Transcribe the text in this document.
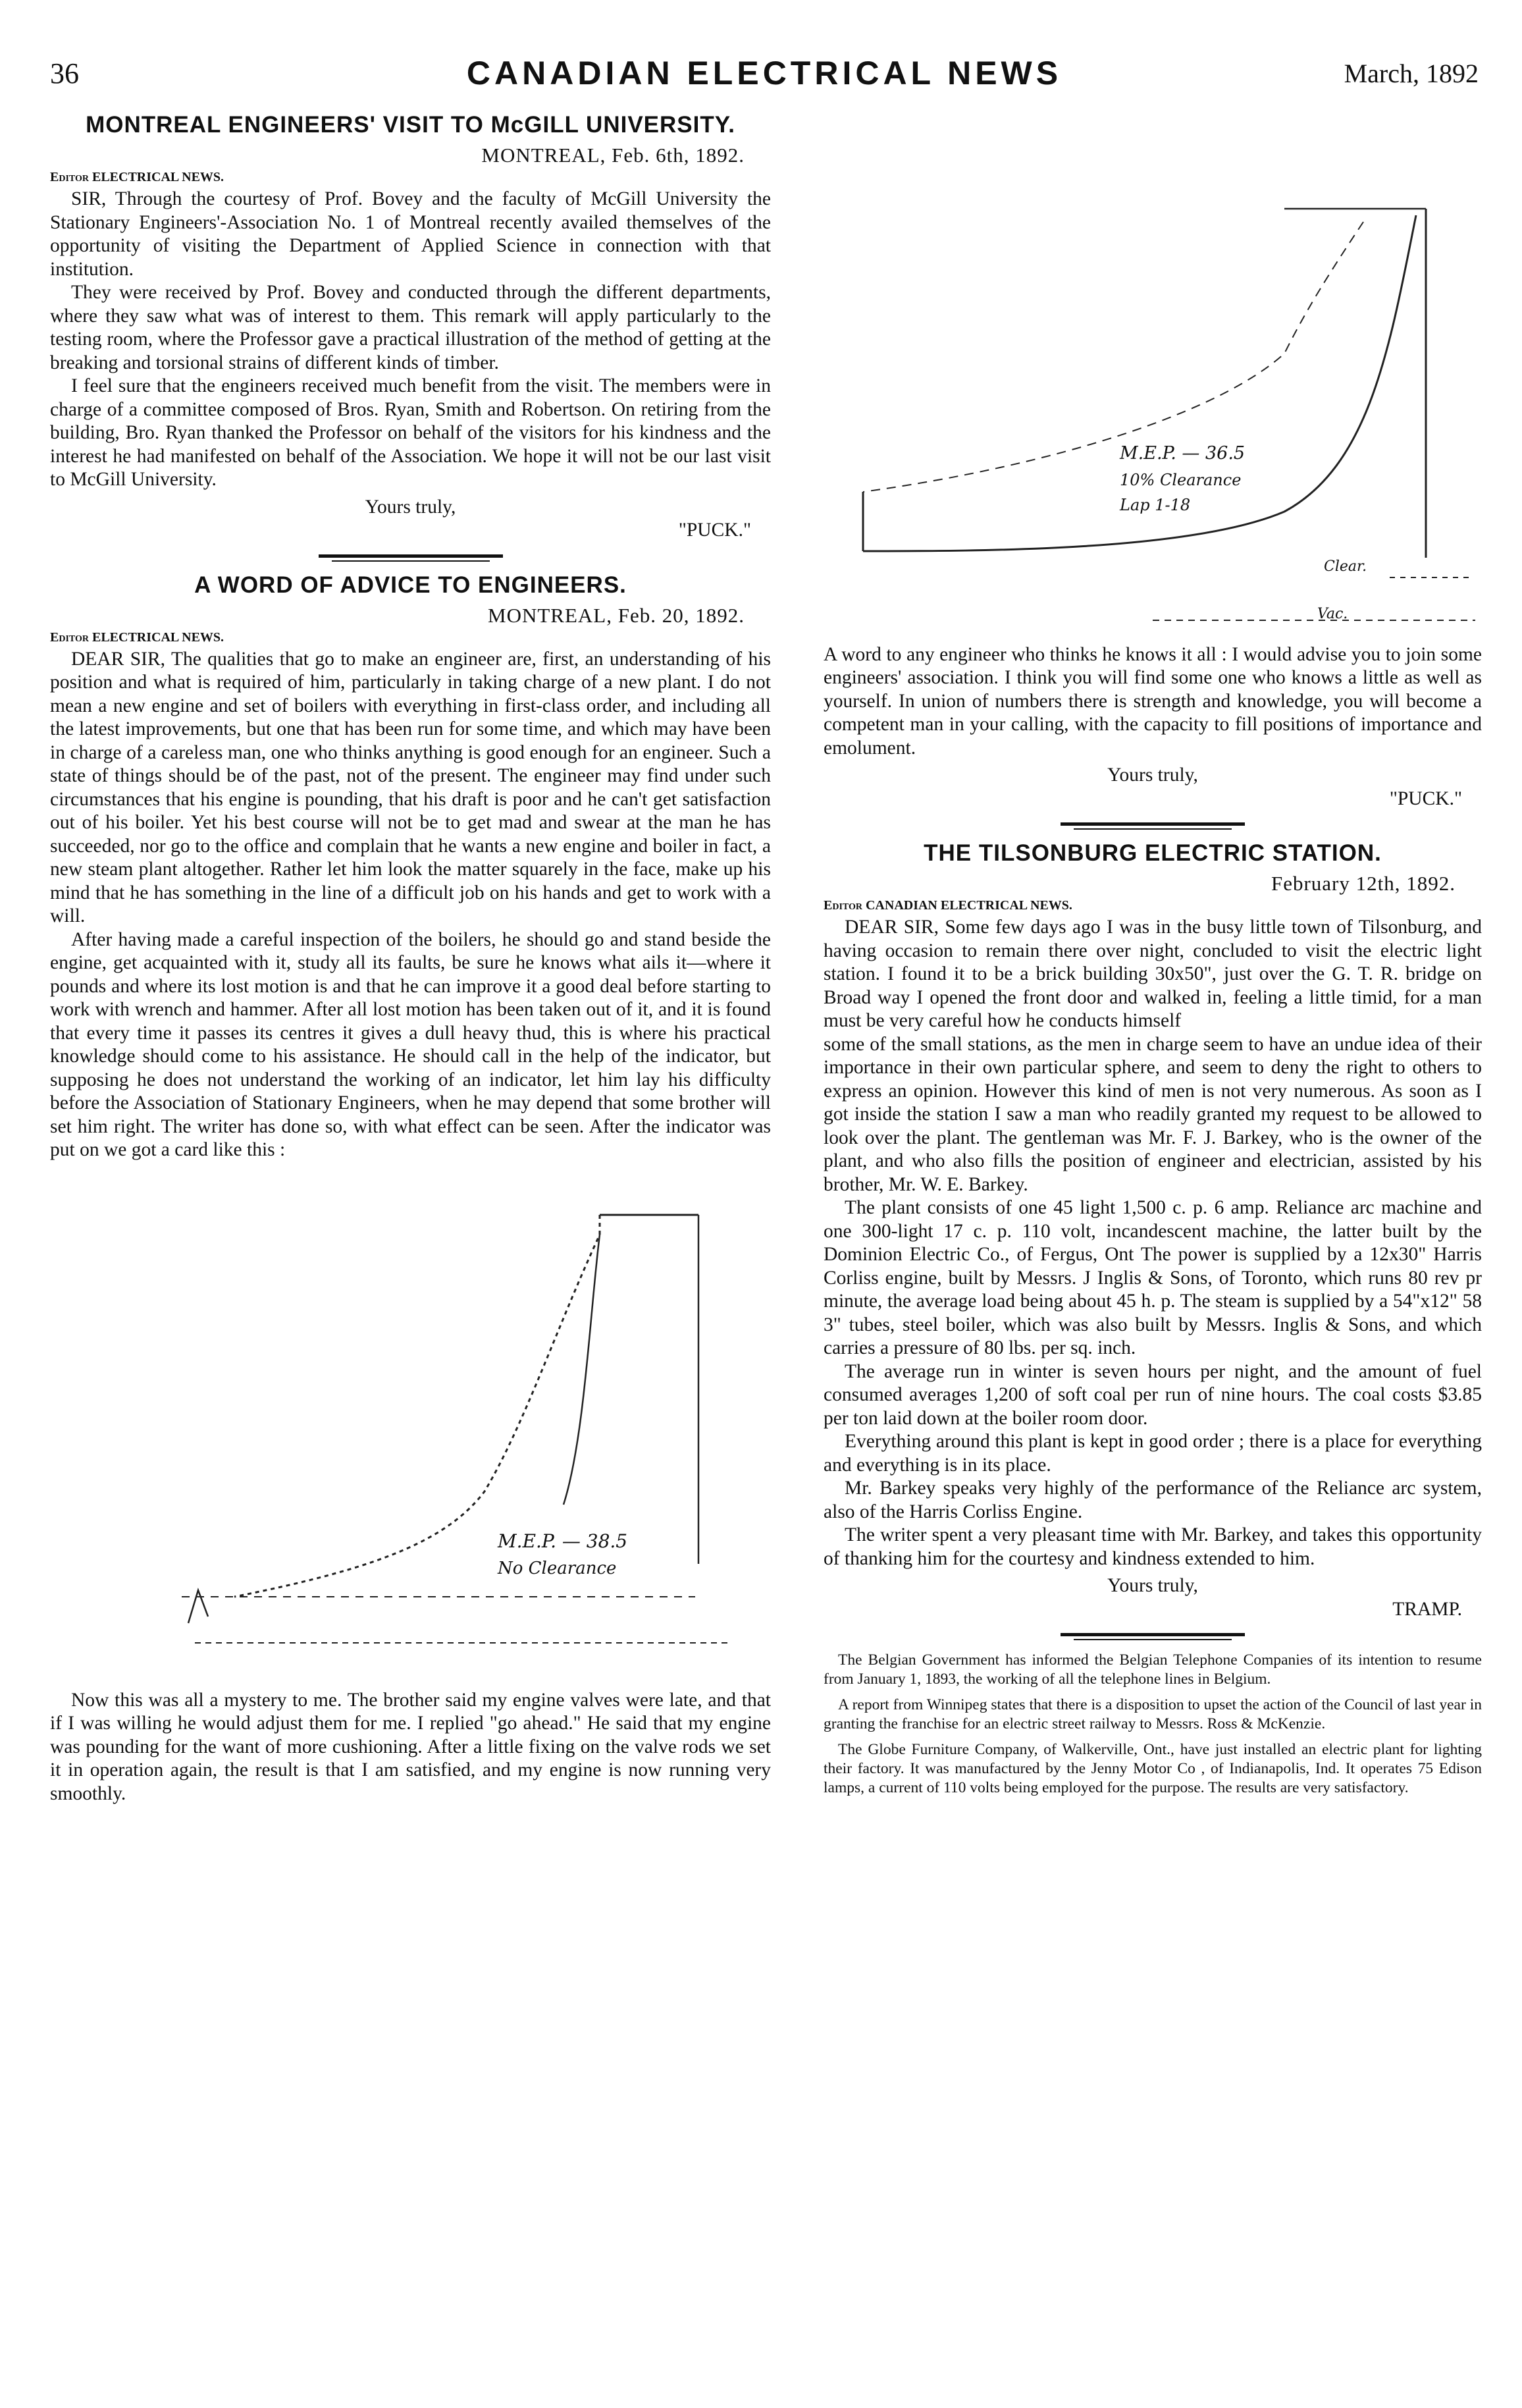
36	CANADIAN ELECTRICAL NEWS	March, 1892
MONTREAL ENGINEERS' VISIT TO McGILL UNIVERSITY.
MONTREAL, Feb. 6th, 1892.
Editor ELECTRICAL NEWS.

SIR, Through the courtesy of Prof. Bovey and the faculty of McGill University the Stationary Engineers'-Association No. 1 of Montreal recently availed themselves of the opportunity of visiting the Department of Applied Science in connection with that institution.

They were received by Prof. Bovey and conducted through the different departments, where they saw what was of interest to them. This remark will apply particularly to the testing room, where the Professor gave a practical illustration of the method of getting at the breaking and torsional strains of different kinds of timber.

I feel sure that the engineers received much benefit from the visit. The members were in charge of a committee composed of Bros. Ryan, Smith and Robertson. On retiring from the building, Bro. Ryan thanked the Professor on behalf of the visitors for his kindness and the interest he had manifested on behalf of the Association. We hope it will not be our last visit to McGill University.

Yours truly,
"PUCK."
A WORD OF ADVICE TO ENGINEERS.
MONTREAL, Feb. 20, 1892.
Editor ELECTRICAL NEWS.

DEAR SIR, The qualities that go to make an engineer are, first, an understanding of his position and what is required of him, particularly in taking charge of a new plant. I do not mean a new engine and set of boilers with everything in first-class order, and including all the latest improvements, but one that has been run for some time, and which may have been in charge of a careless man, one who thinks anything is good enough for an engineer. Such a state of things should be of the past, not of the present. The engineer may find under such circumstances that his engine is pounding, that his draft is poor and he can't get satisfaction out of his boiler. Yet his best course will not be to get mad and swear at the man he has succeeded, nor go to the office and complain that he wants a new engine and boiler in fact, a new steam plant altogether. Rather let him look the matter squarely in the face, make up his mind that he has something in the line of a difficult job on his hands and get to work with a will.

After having made a careful inspection of the boilers, he should go and stand beside the engine, get acquainted with it, study all its faults, be sure he knows what ails it—where it pounds and where its lost motion is and that he can improve it a good deal before starting to work with wrench and hammer. After all lost motion has been taken out of it, and it is found that every time it passes its centres it gives a dull heavy thud, this is where his practical knowledge should come to his assistance. He should call in the help of the indicator, but supposing he does not understand the working of an indicator, let him lay his difficulty before the Association of Stationary Engineers, when he may depend that some brother will set him right. The writer has done so, with what effect can be seen. After the indicator was put on we got a card like this :

M.E.P. — 38.5
No Clearance

Now this was all a mystery to me. The brother said my engine valves were late, and that if I was willing he would adjust them for me. I replied "go ahead." He said that my engine was pounding for the want of more cushioning. After a little fixing on the valve rods we set it in operation again, the result is that I am satisfied, and my engine is now running very smoothly.

M.E.P. — 36.5
10% Clearance
Lap 1-18
Clear.
Vac.

A word to any engineer who thinks he knows it all : I would advise you to join some engineers' association. I think you will find some one who knows a little as well as yourself. In union of numbers there is strength and knowledge, you will become a competent man in your calling, with the capacity to fill positions of importance and emolument.

Yours truly,
"PUCK."
THE TILSONBURG ELECTRIC STATION.
February 12th, 1892.
Editor CANADIAN ELECTRICAL NEWS.

DEAR SIR, Some few days ago I was in the busy little town of Tilsonburg, and having occasion to remain there over night, concluded to visit the electric light station. I found it to be a brick building 30x50", just over the G. T. R. bridge on Broad way I opened the front door and walked in, feeling a little timid, for a man must be very careful how he conducts himself

some of the small stations, as the men in charge seem to have an undue idea of their importance in their own particular sphere, and seem to deny the right to others to express an opinion. However this kind of men is not very numerous. As soon as I got inside the station I saw a man who readily granted my request to be allowed to look over the plant. The gentleman was Mr. F. J. Barkey, who is the owner of the plant, and who also fills the position of engineer and electrician, assisted by his brother, Mr. W. E. Barkey.

The plant consists of one 45 light 1,500 c. p. 6 amp. Reliance arc machine and one 300-light 17 c. p. 110 volt, incandescent machine, the latter built by the Dominion Electric Co., of Fergus, Ont The power is supplied by a 12x30" Harris Corliss engine, built by Messrs. J Inglis & Sons, of Toronto, which runs 80 rev pr minute, the average load being about 45 h. p. The steam is supplied by a 54"x12" 58 3" tubes, steel boiler, which was also built by Messrs. Inglis & Sons, and which carries a pressure of 80 lbs. per sq. inch.

The average run in winter is seven hours per night, and the amount of fuel consumed averages 1,200 of soft coal per run of nine hours. The coal costs $3.85 per ton laid down at the boiler room door.

Everything around this plant is kept in good order ; there is a place for everything and everything is in its place.

Mr. Barkey speaks very highly of the performance of the Reliance arc system, also of the Harris Corliss Engine.

The writer spent a very pleasant time with Mr. Barkey, and takes this opportunity of thanking him for the courtesy and kindness extended to him.

Yours truly,
TRAMP.

The Belgian Government has informed the Belgian Telephone Companies of its intention to resume from January 1, 1893, the working of all the telephone lines in Belgium.

A report from Winnipeg states that there is a disposition to upset the action of the Council of last year in granting the franchise for an electric street railway to Messrs. Ross & McKenzie.

The Globe Furniture Company, of Walkerville, Ont., have just installed an electric plant for lighting their factory. It was manufactured by the Jenny Motor Co , of Indianapolis, Ind. It operates 75 Edison lamps, a current of 110 volts being employed for the purpose. The results are very satisfactory.
